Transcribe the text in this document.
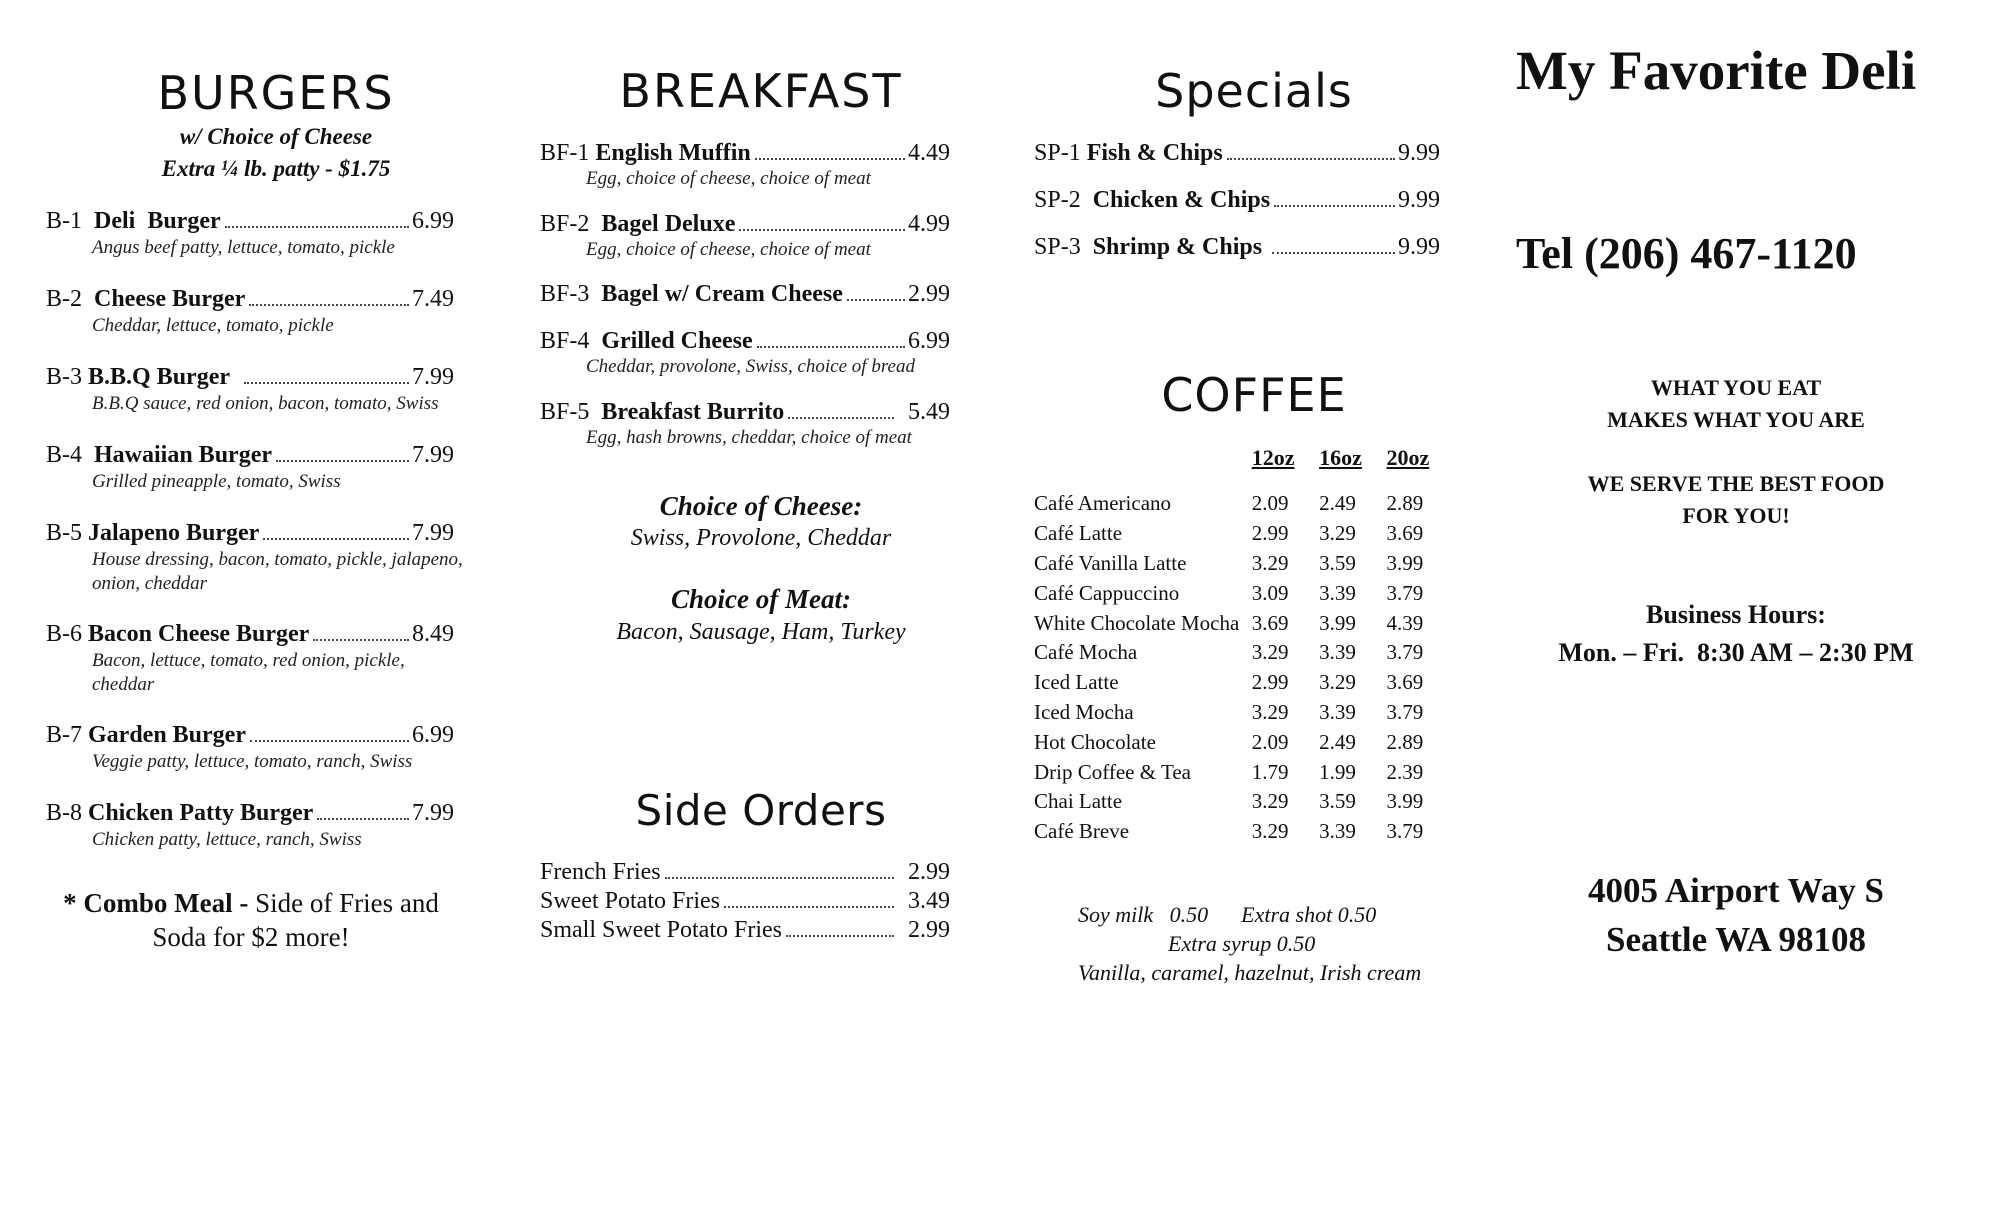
BURGERS
w/ Choice of Cheese
Extra ¼ lb. patty - $1.75
B-1 Deli  Burger	6.99
Angus beef patty, lettuce, tomato, pickle
B-2 Cheese Burger	7.49
Cheddar, lettuce, tomato, pickle
B-3 B.B.Q Burger	7.99
B.B.Q sauce, red onion, bacon, tomato, Swiss
B-4 Hawaiian Burger	7.99
Grilled pineapple, tomato, Swiss
B-5 Jalapeno Burger	7.99
House dressing, bacon, tomato, pickle, jalapeno, onion, cheddar
B-6 Bacon Cheese Burger	8.49
Bacon, lettuce, tomato, red onion, pickle, cheddar
B-7 Garden Burger	6.99
Veggie patty, lettuce, tomato, ranch, Swiss
B-8 Chicken Patty Burger	7.99
Chicken patty, lettuce, ranch, Swiss
* Combo Meal - Side of Fries and Soda for $2 more!
BREAKFAST
BF-1 English Muffin	4.49
Egg, choice of cheese, choice of meat
BF-2 Bagel Deluxe	4.99
Egg, choice of cheese, choice of meat
BF-3 Bagel w/ Cream Cheese	2.99
BF-4 Grilled Cheese	6.99
Cheddar, provolone, Swiss, choice of bread
BF-5 Breakfast Burrito	5.49
Egg, hash browns, cheddar, choice of meat
Choice of Cheese:
Swiss, Provolone, Cheddar
Choice of Meat:
Bacon, Sausage, Ham, Turkey
Side Orders
French Fries	2.99
Sweet Potato Fries	3.49
Small Sweet Potato Fries	2.99
Specials
SP-1 Fish & Chips	9.99
SP-2 Chicken & Chips	9.99
SP-3 Shrimp & Chips	9.99
COFFEE
	12oz	16oz	20oz
Café Americano	2.09	2.49	2.89
Café Latte	2.99	3.29	3.69
Café Vanilla Latte	3.29	3.59	3.99
Café Cappuccino	3.09	3.39	3.79
White Chocolate Mocha	3.69	3.99	4.39
Café Mocha	3.29	3.39	3.79
Iced Latte	2.99	3.29	3.69
Iced Mocha	3.29	3.39	3.79
Hot Chocolate	2.09	2.49	2.89
Drip Coffee & Tea	1.79	1.99	2.39
Chai Latte	3.29	3.59	3.99
Café Breve	3.29	3.39	3.79
Soy milk   0.50      Extra shot 0.50
Extra syrup 0.50
Vanilla, caramel, hazelnut, Irish cream
My Favorite Deli
Tel (206) 467-1120
WHAT YOU EAT
MAKES WHAT YOU ARE
WE SERVE THE BEST FOOD
FOR YOU!
Business Hours:
Mon. – Fri.  8:30 AM – 2:30 PM
4005 Airport Way S
Seattle WA 98108
